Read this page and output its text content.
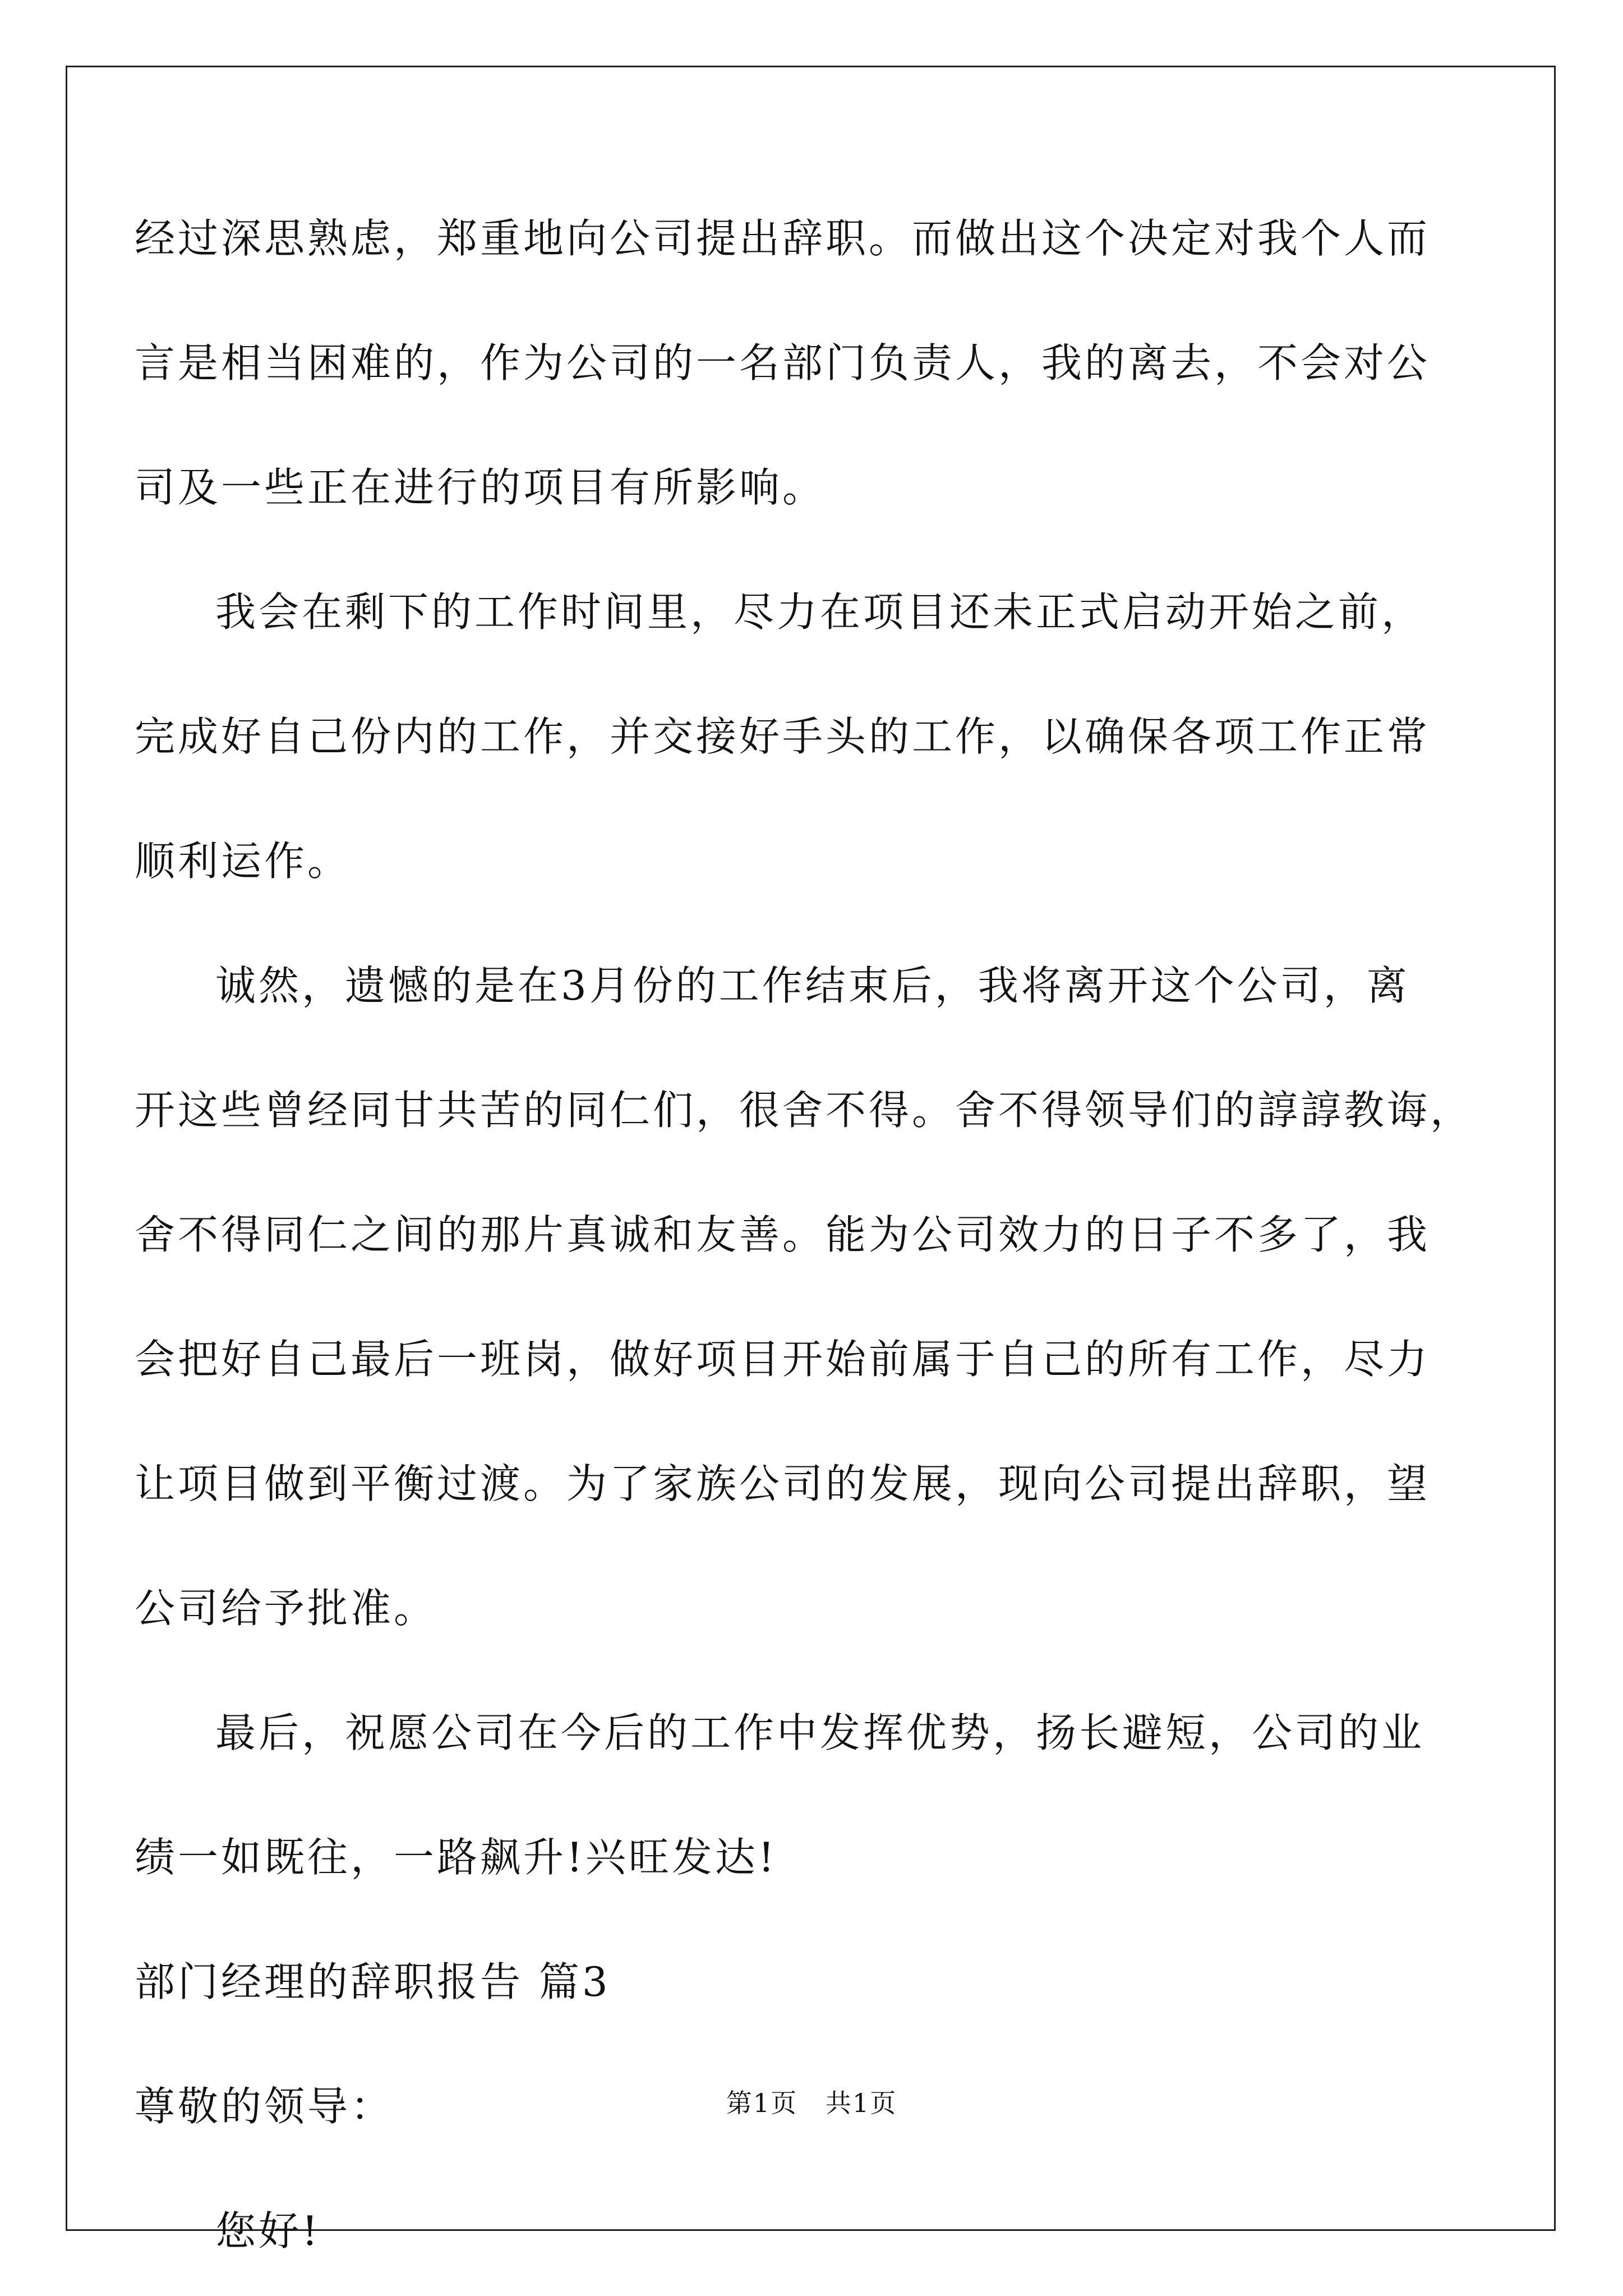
经过深思熟虑，郑重地向公司提出辞职。而做出这个决定对我个人而
言是相当困难的，作为公司的一名部门负责人，我的离去，不会对公
司及一些正在进行的项目有所影响。
我会在剩下的工作时间里，尽力在项目还未正式启动开始之前，
完成好自己份内的工作，并交接好手头的工作，以确保各项工作正常
顺利运作。
诚然，遗憾的是在3月份的工作结束后，我将离开这个公司，离
开这些曾经同甘共苦的同仁们，很舍不得。舍不得领导们的諄諄教诲，
舍不得同仁之间的那片真诚和友善。能为公司效力的日子不多了，我
会把好自己最后一班岗，做好项目开始前属于自己的所有工作，尽力
让项目做到平衡过渡。为了家族公司的发展，现向公司提出辞职，望
公司给予批准。
最后，祝愿公司在今后的工作中发挥优势，扬长避短，公司的业
绩一如既往，一路飙升!兴旺发达!
部门经理的辞职报告 篇3
尊敬的领导：
您好!
第1页   共1页
